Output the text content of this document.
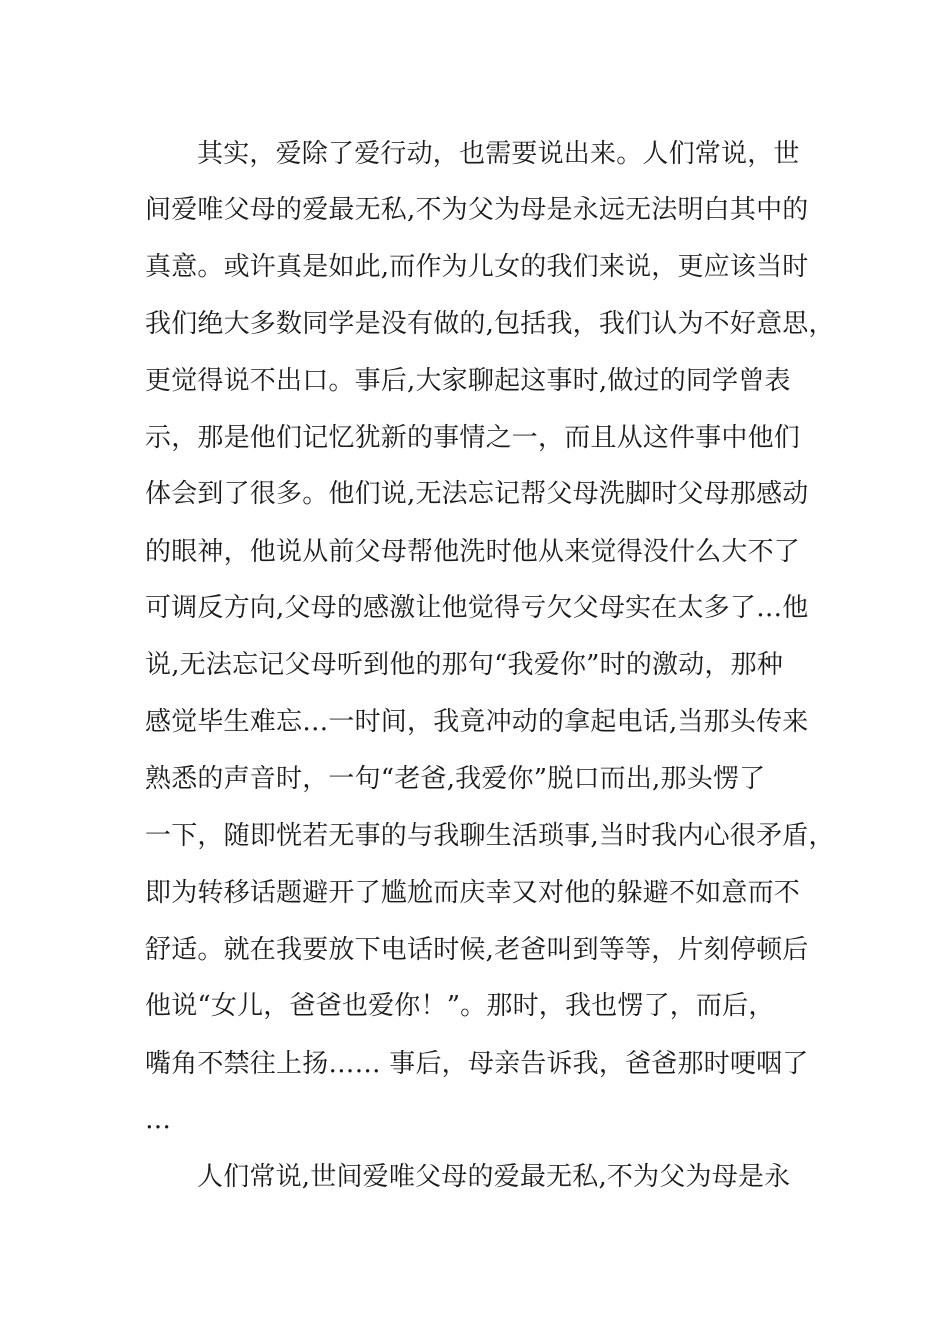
其实，爱除了爱行动，也需要说出来。人们常说，世
间爱唯父母的爱最无私,不为父为母是永远无法明白其中的
真意。或许真是如此,而作为儿女的我们来说，更应该当时
我们绝大多数同学是没有做的,包括我，我们认为不好意思，
更觉得说不出口。事后,大家聊起这事时,做过的同学曾表
示，那是他们记忆犹新的事情之一，而且从这件事中他们
体会到了很多。他们说,无法忘记帮父母洗脚时父母那感动
的眼神，他说从前父母帮他洗时他从来觉得没什么大不了
可调反方向,父母的感激让他觉得亏欠父母实在太多了…他
说,无法忘记父母听到他的那句“我爱你”时的激动，那种
感觉毕生难忘…一时间，我竟冲动的拿起电话,当那头传来
熟悉的声音时，一句“老爸,我爱你”脱口而出,那头愣了
一下，随即恍若无事的与我聊生活琐事,当时我内心很矛盾，
即为转移话题避开了尴尬而庆幸又对他的躲避不如意而不
舒适。就在我要放下电话时候,老爸叫到等等，片刻停顿后
他说“女儿，爸爸也爱你！”。那时，我也愣了，而后，
嘴角不禁往上扬…… 事后，母亲告诉我，爸爸那时哽咽了
…
人们常说,世间爱唯父母的爱最无私,不为父为母是永
